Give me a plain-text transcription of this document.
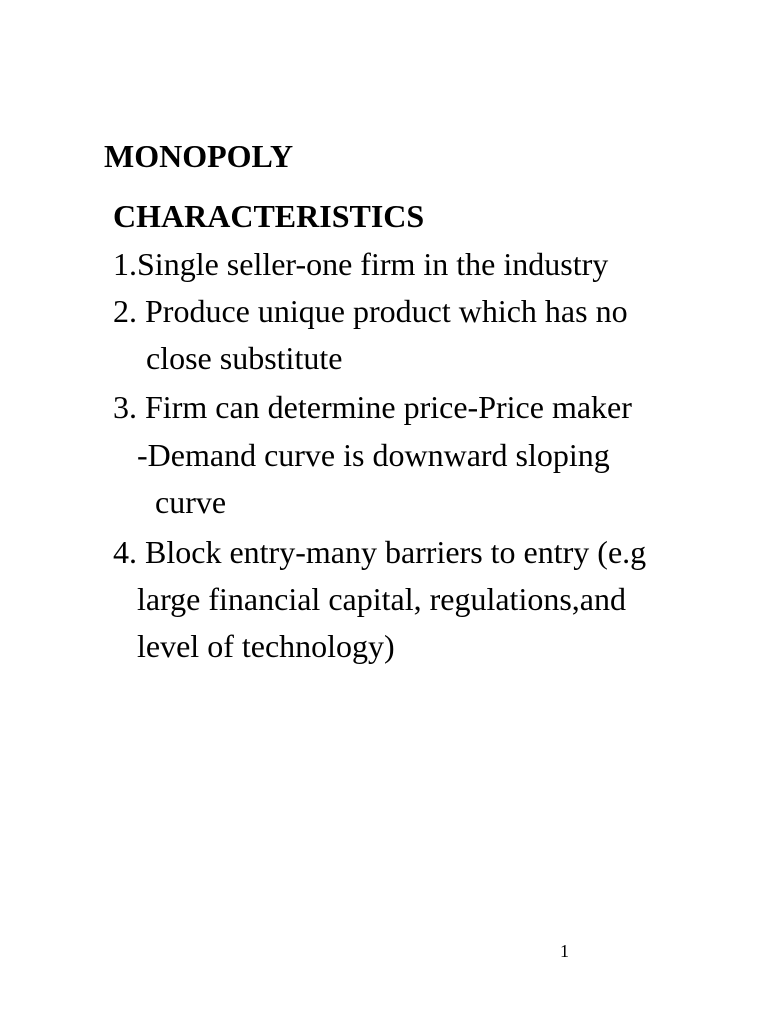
MONOPOLY
CHARACTERISTICS
1.Single seller-one firm in the industry
2. Produce unique product which has no
close substitute
3. Firm can determine price-Price maker
-Demand curve is downward sloping
curve
4. Block entry-many barriers to entry (e.g
large financial capital, regulations,and
level of technology)
1
